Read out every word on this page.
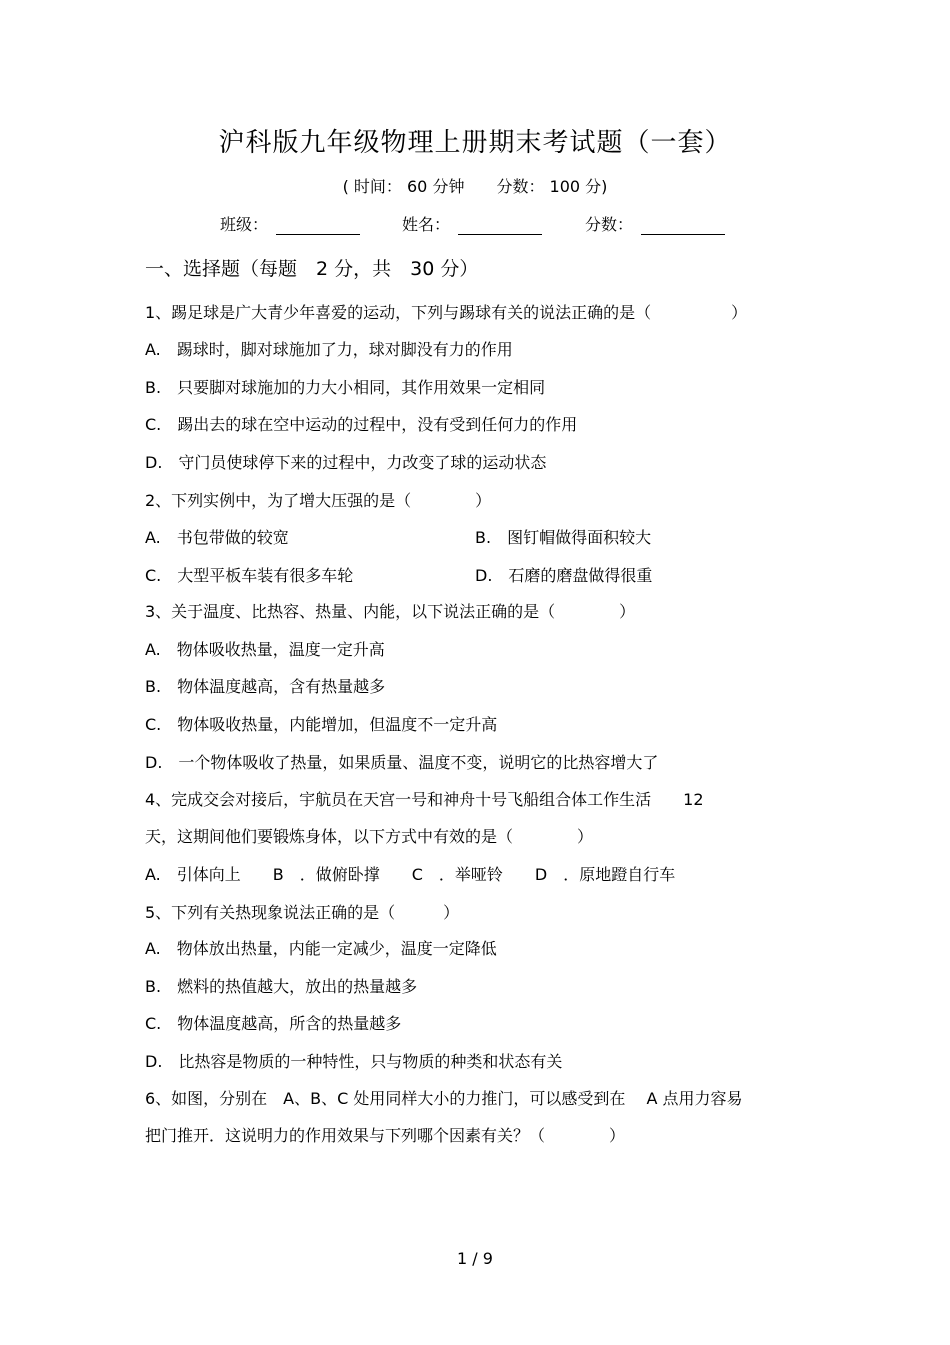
沪科版九年级物理上册期末考试题（一套）
( 时间： 60 分钟　　分数： 100 分)
班级：	姓名：	分数：
一、选择题（每题　2 分，共　30 分）
1、踢足球是广大青少年喜爱的运动，下列与踢球有关的说法正确的是（　　　　　）
A.　踢球时，脚对球施加了力，球对脚没有力的作用
B.　只要脚对球施加的力大小相同，其作用效果一定相同
C.　踢出去的球在空中运动的过程中，没有受到任何力的作用
D.　守门员使球停下来的过程中，力改变了球的运动状态
2、下列实例中，为了增大压强的是（　　　　）
A.　书包带做的较宽	B.　图钉帽做得面积较大
C.　大型平板车装有很多车轮	D.　石磨的磨盘做得很重
3、关于温度、比热容、热量、内能，以下说法正确的是（　　　　）
A.　物体吸收热量，温度一定升高
B.　物体温度越高，含有热量越多
C.　物体吸收热量，内能增加，但温度不一定升高
D.　一个物体吸收了热量，如果质量、温度不变，说明它的比热容增大了
4、完成交会对接后，宇航员在天宫一号和神舟十号飞船组合体工作生活　　12
天，这期间他们要锻炼身体，以下方式中有效的是（　　　　）
A.　引体向上　　B　．做俯卧撑　　C　．举哑铃　　D　．原地蹬自行车
5、下列有关热现象说法正确的是（　　　）
A.　物体放出热量，内能一定减少，温度一定降低
B.　燃料的热值越大，放出的热量越多
C.　物体温度越高，所含的热量越多
D.　比热容是物质的一种特性，只与物质的种类和状态有关
6、如图，分别在　A、B、C 处用同样大小的力推门，可以感受到在　 A 点用力容易
把门推开．这说明力的作用效果与下列哪个因素有关？（　　　　）
1 / 9
